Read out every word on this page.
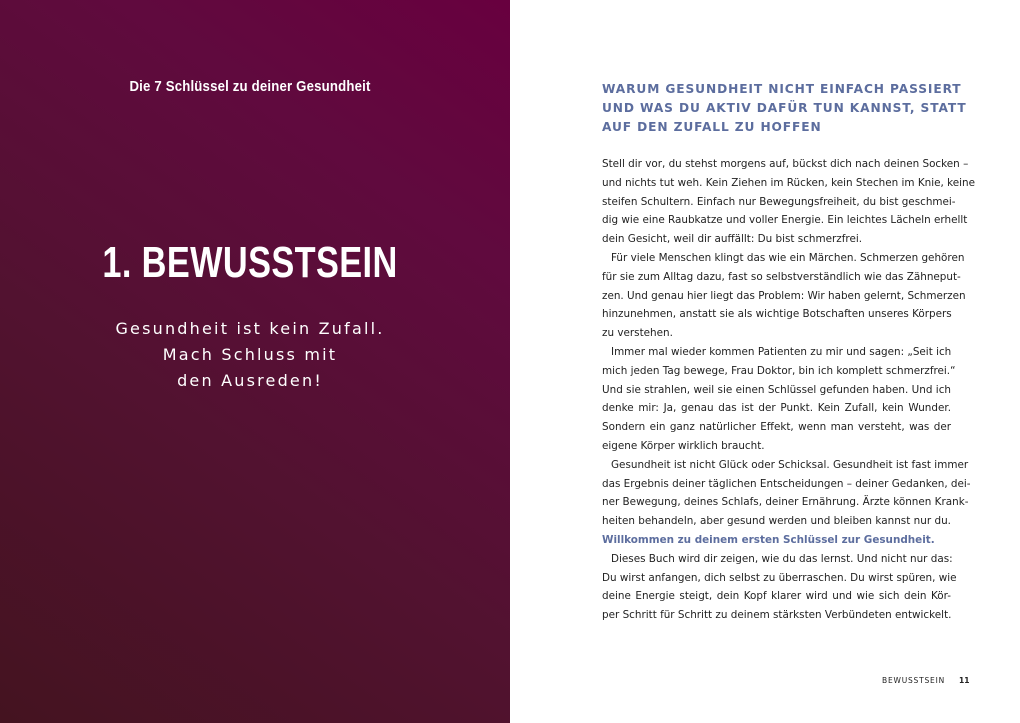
Die 7 Schlüssel zu deiner Gesundheit
1. BEWUSSTSEIN
Gesundheit ist kein Zufall.
Mach Schluss mit
den Ausreden!
WARUM GESUNDHEIT NICHT EINFACH PASSIERT
UND WAS DU AKTIV DAFÜR TUN KANNST, STATT
AUF DEN ZUFALL ZU HOFFEN
Stell dir vor, du stehst morgens auf, bückst dich nach deinen Socken –
und nichts tut weh. Kein Ziehen im Rücken, kein Stechen im Knie, keine
steifen Schultern. Einfach nur Bewegungsfreiheit, du bist geschmei-
dig wie eine Raubkatze und voller Energie. Ein leichtes Lächeln erhellt
dein Gesicht, weil dir auffällt: Du bist schmerzfrei.
Für viele Menschen klingt das wie ein Märchen. Schmerzen gehören
für sie zum Alltag dazu, fast so selbstverständlich wie das Zähneput-
zen. Und genau hier liegt das Problem: Wir haben gelernt, Schmerzen
hinzunehmen, anstatt sie als wichtige Botschaften unseres Körpers
zu verstehen.
Immer mal wieder kommen Patienten zu mir und sagen: „Seit ich
mich jeden Tag bewege, Frau Doktor, bin ich komplett schmerzfrei.“
Und sie strahlen, weil sie einen Schlüssel gefunden haben. Und ich
denke mir: Ja, genau das ist der Punkt. Kein Zufall, kein Wunder.
Sondern ein ganz natürlicher Effekt, wenn man versteht, was der
eigene Körper wirklich braucht.
Gesundheit ist nicht Glück oder Schicksal. Gesundheit ist fast immer
das Ergebnis deiner täglichen Entscheidungen – deiner Gedanken, dei-
ner Bewegung, deines Schlafs, deiner Ernährung. Ärzte können Krank-
heiten behandeln, aber gesund werden und bleiben kannst nur du.
Willkommen zu deinem ersten Schlüssel zur Gesundheit.
Dieses Buch wird dir zeigen, wie du das lernst. Und nicht nur das:
Du wirst anfangen, dich selbst zu überraschen. Du wirst spüren, wie
deine Energie steigt, dein Kopf klarer wird und wie sich dein Kör-
per Schritt für Schritt zu deinem stärksten Verbündeten entwickelt.
BEWUSSTSEIN 11
